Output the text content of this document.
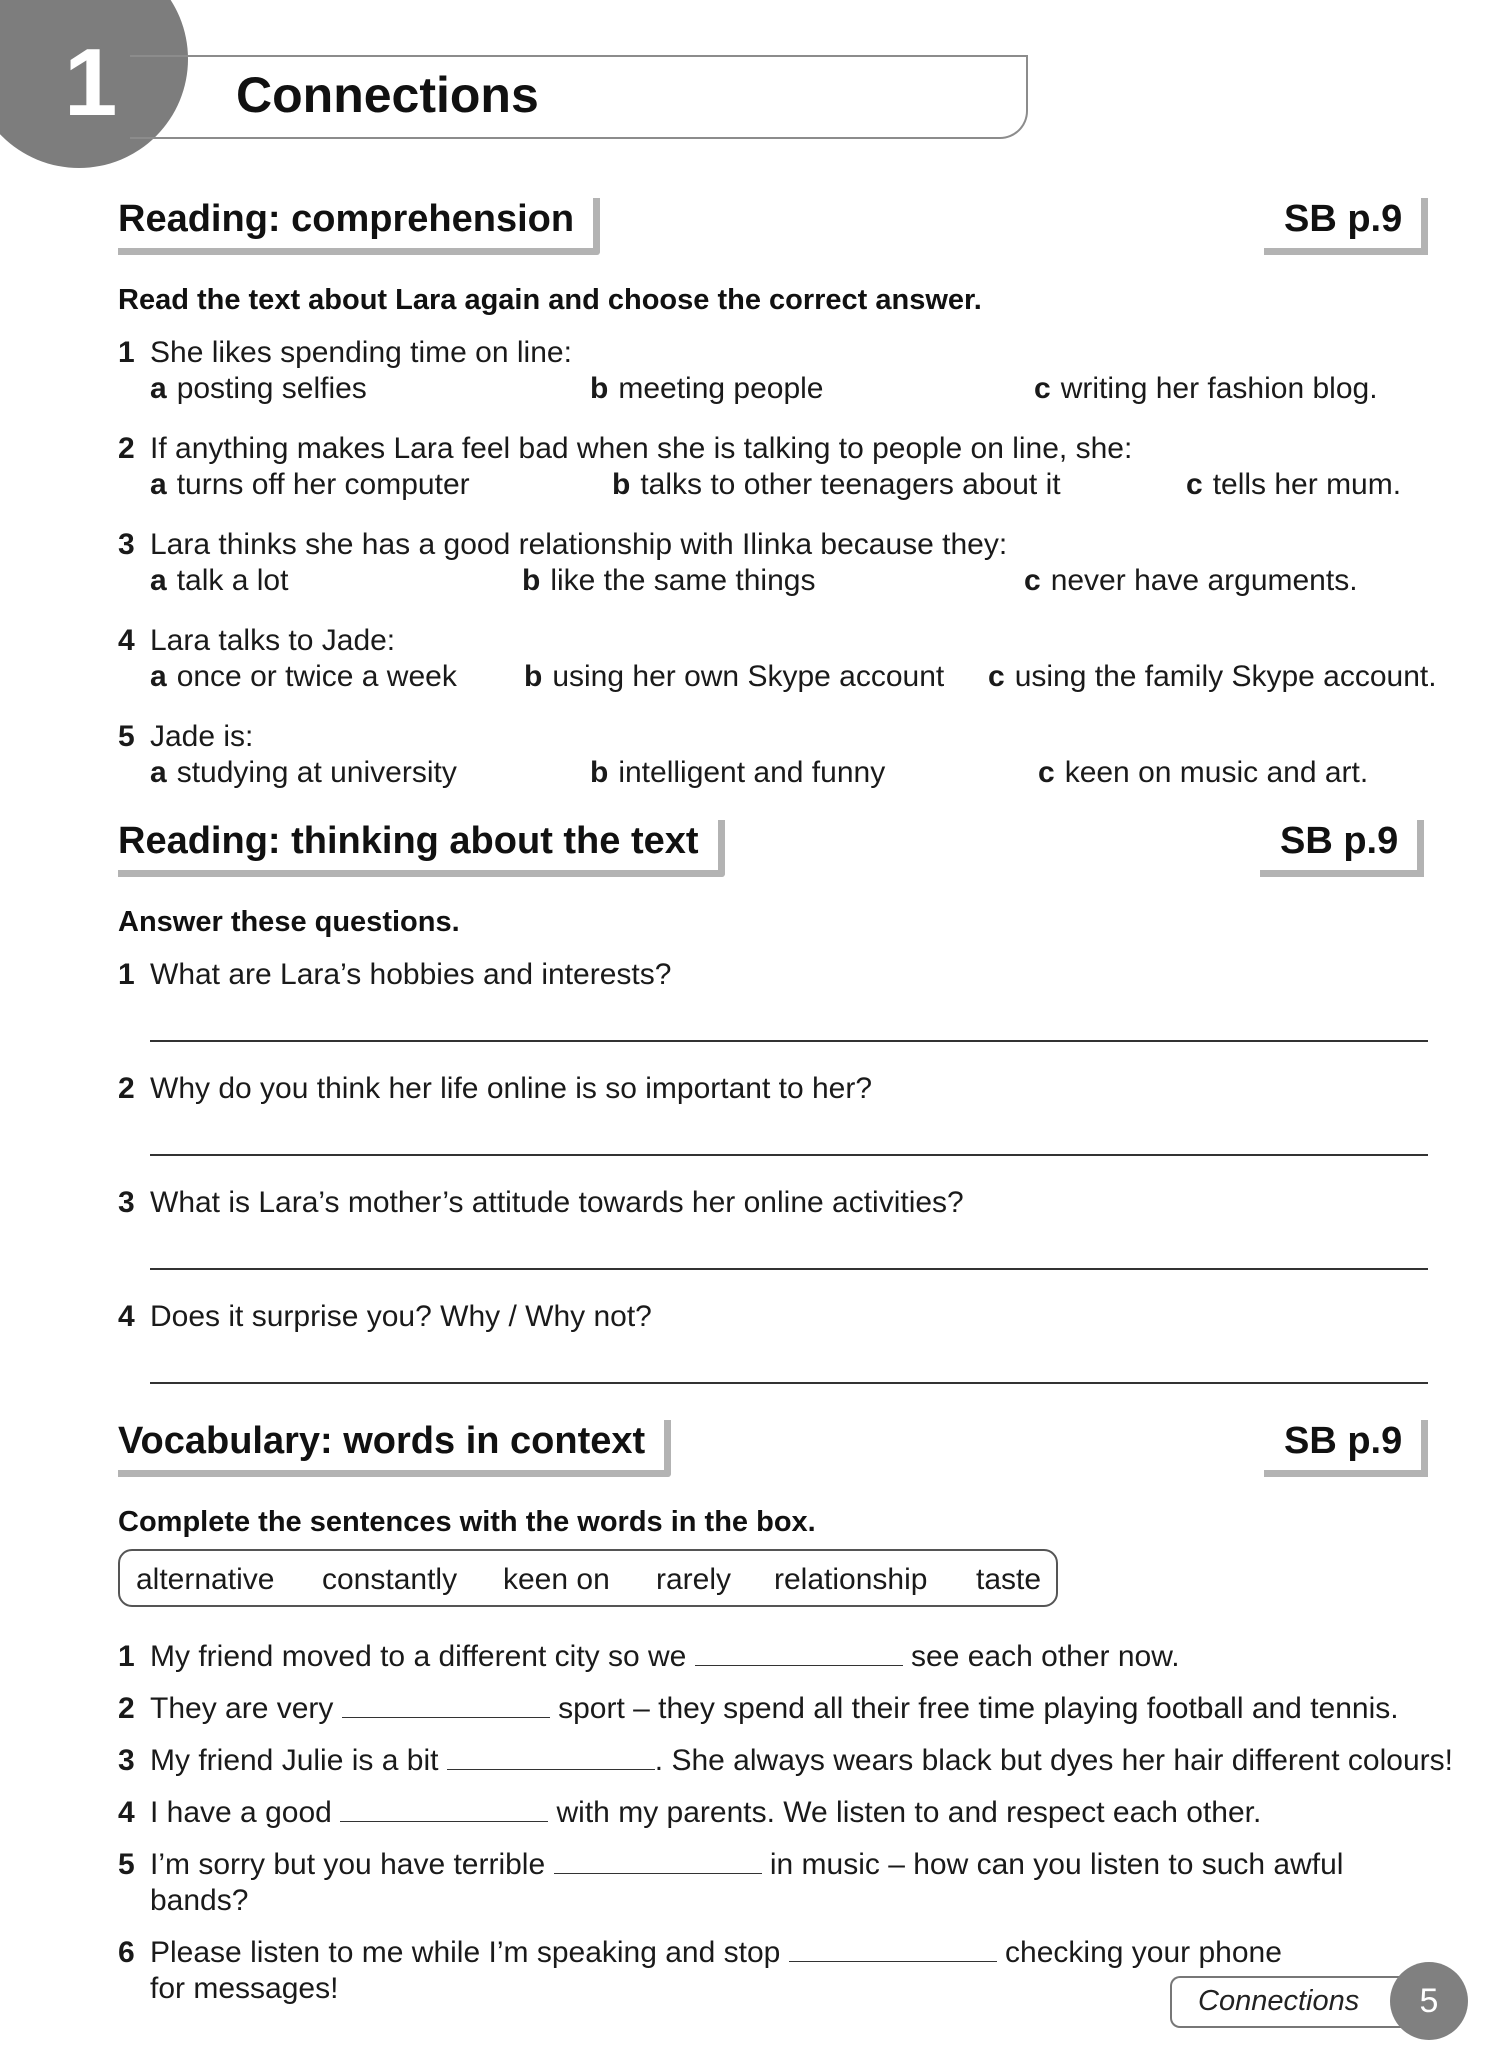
1 Connections
Reading: comprehension	SB p.9
Read the text about Lara again and choose the correct answer.
1 She likes spending time on line:
a posting selfies	b meeting people	c writing her fashion blog.
2 If anything makes Lara feel bad when she is talking to people on line, she:
a turns off her computer	b talks to other teenagers about it	c tells her mum.
3 Lara thinks she has a good relationship with Ilinka because they:
a talk a lot	b like the same things	c never have arguments.
4 Lara talks to Jade:
a once or twice a week b using her own Skype account c using the family Skype account.
5 Jade is:
a studying at university	b intelligent and funny	c keen on music and art.
Reading: thinking about the text	SB p.9
Answer these questions.
1 What are Lara’s hobbies and interests?
2 Why do you think her life online is so important to her?
3 What is Lara’s mother’s attitude towards her online activities?
4 Does it surprise you? Why / Why not?
Vocabulary: words in context	SB p.9
Complete the sentences with the words in the box.
alternative constantly keen on rarely relationship taste
1 My friend moved to a different city so we	see each other now.
2 They are very	sport – they spend all their free time playing football and tennis.
3 My friend Julie is a bit	. She always wears black but dyes her hair different colours!
4 I have a good	with my parents. We listen to and respect each other.
5 I’m sorry but you have terrible	in music – how can you listen to such awful
bands?
6 Please listen to me while I’m speaking and stop	checking your phone
for messages!	Connections	5
